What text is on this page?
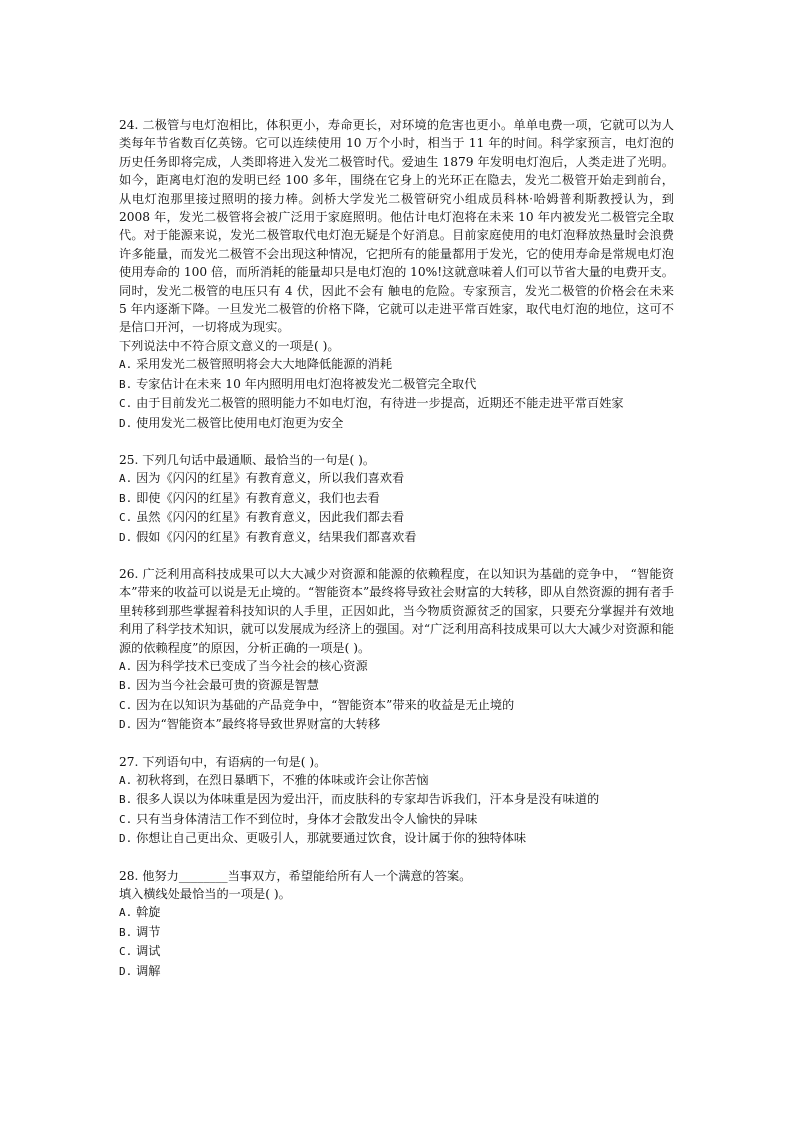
24. 二极管与电灯泡相比，体积更小，寿命更长，对环境的危害也更小。单单电费一项，它就可以为人类每年节省数百亿英镑。它可以连续使用 10 万个小时，相当于 11 年的时间。科学家预言，电灯泡的历史任务即将完成，人类即将进入发光二极管时代。爱迪生 1879 年发明电灯泡后，人类走进了光明。如今，距离电灯泡的发明已经 100 多年，围绕在它身上的光环正在隐去，发光二极管开始走到前台，从电灯泡那里接过照明的接力棒。剑桥大学发光二极管研究小组成员科林·哈姆普利斯教授认为，到 2008 年，发光二极管将会被广泛用于家庭照明。他估计电灯泡将在未来 10 年内被发光二极管完全取代。对于能源来说，发光二极管取代电灯泡无疑是个好消息。目前家庭使用的电灯泡释放热量时会浪费许多能量，而发光二极管不会出现这种情况，它把所有的能量都用于发光，它的使用寿命是常规电灯泡使用寿命的 100 倍，而所消耗的能量却只是电灯泡的 10%!这就意味着人们可以节省大量的电费开支。同时，发光二极管的电压只有 4 伏，因此不会有 触电的危险。专家预言，发光二极管的价格会在未来 5 年内逐渐下降。一旦发光二极管的价格下降，它就可以走进平常百姓家，取代电灯泡的地位，这可不是信口开河，一切将成为现实。

下列说法中不符合原文意义的一项是( )。

A. 采用发光二极管照明将会大大地降低能源的消耗
B. 专家估计在未来 10 年内照明用电灯泡将被发光二极管完全取代
C. 由于目前发光二极管的照明能力不如电灯泡，有待进一步提高，近期还不能走进平常百姓家
D. 使用发光二极管比使用电灯泡更为安全

25. 下列几句话中最通顺、最恰当的一句是( )。

A. 因为《闪闪的红星》有教育意义，所以我们喜欢看
B. 即使《闪闪的红星》有教育意义，我们也去看
C. 虽然《闪闪的红星》有教育意义，因此我们都去看
D. 假如《闪闪的红星》有教育意义，结果我们都喜欢看

26. 广泛利用高科技成果可以大大减少对资源和能源的依赖程度，在以知识为基础的竞争中， “智能资本”带来的收益可以说是无止境的。“智能资本”最终将导致社会财富的大转移，即从自然资源的拥有者手里转移到那些掌握着科技知识的人手里，正因如此，当今物质资源贫乏的国家，只要充分掌握并有效地利用了科学技术知识，就可以发展成为经济上的强国。对“广泛利用高科技成果可以大大减少对资源和能源的依赖程度”的原因，分析正确的一项是( )。

A. 因为科学技术已变成了当今社会的核心资源
B. 因为当今社会最可贵的资源是智慧
C. 因为在以知识为基础的产品竞争中，“智能资本”带来的收益是无止境的
D. 因为“智能资本”最终将导致世界财富的大转移

27. 下列语句中，有语病的一句是( )。

A. 初秋将到，在烈日暴晒下，不雅的体味或许会让你苦恼
B. 很多人误以为体味重是因为爱出汗，而皮肤科的专家却告诉我们，汗本身是没有味道的
C. 只有当身体清洁工作不到位时，身体才会散发出令人愉快的异味
D. 你想让自己更出众、更吸引人，那就要通过饮食，设计属于你的独特体味

28. 他努力________当事双方，希望能给所有人一个满意的答案。

填入横线处最恰当的一项是( )。

A. 斡旋
B. 调节
C. 调试
D. 调解
